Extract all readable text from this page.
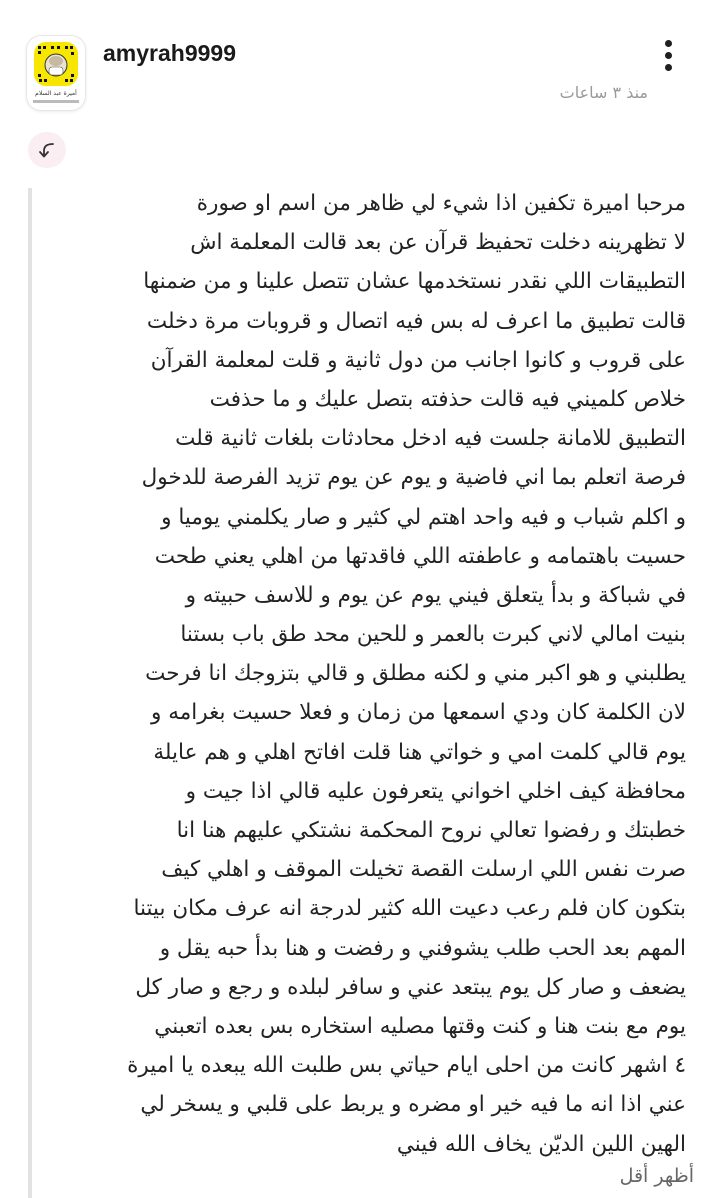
أميرة عبد السلام
amyrah9999
منذ ٣ ساعات
مرحبا اميرة تكفين اذا شيء لي ظاهر من اسم او صورة
لا تظهرينه دخلت تحفيظ قرآن عن بعد قالت المعلمة اش
التطبيقات اللي نقدر نستخدمها عشان تتصل علينا و من ضمنها
قالت تطبيق ما اعرف له بس فيه اتصال و قروبات مرة دخلت
على قروب و كانوا اجانب من دول ثانية و قلت لمعلمة القرآن
خلاص كلميني فيه قالت حذفته بتصل عليك و ما حذفت
التطبيق للامانة جلست فيه ادخل محادثات بلغات ثانية قلت
فرصة اتعلم بما اني فاضية و يوم عن يوم تزيد الفرصة للدخول
و اكلم شباب و فيه واحد اهتم لي كثير و صار يكلمني يوميا و
حسيت باهتمامه و عاطفته اللي فاقدتها من اهلي يعني طحت
في شباكة و بدأ يتعلق فيني يوم عن يوم و للاسف حبيته و
بنيت امالي لاني كبرت بالعمر و للحين محد طق باب بستنا
يطلبني و هو اكبر مني و لكنه مطلق و قالي بتزوجك انا فرحت
لان الكلمة كان ودي اسمعها من زمان و فعلا حسيت بغرامه و
يوم قالي كلمت امي و خواتي هنا قلت افاتح اهلي و هم عايلة
محافظة كيف اخلي اخواني يتعرفون عليه قالي اذا جيت و
خطبتك و رفضوا تعالي نروح المحكمة نشتكي عليهم هنا انا
صرت نفس اللي ارسلت القصة تخيلت الموقف و اهلي كيف
بتكون كان فلم رعب دعيت الله كثير لدرجة انه عرف مكان بيتنا
المهم بعد الحب طلب يشوفني و رفضت و هنا بدأ حبه يقل و
يضعف و صار كل يوم يبتعد عني و سافر لبلده و رجع و صار كل
يوم مع بنت هنا و كنت وقتها مصليه استخاره بس بعده اتعبني
٤ اشهر كانت من احلى ايام حياتي بس طلبت الله يبعده يا اميرة
عني اذا انه ما فيه خير او مضره و يربط على قلبي و يسخر لي
الهين اللين الديّن يخاف الله فيني
أظهر أقل
